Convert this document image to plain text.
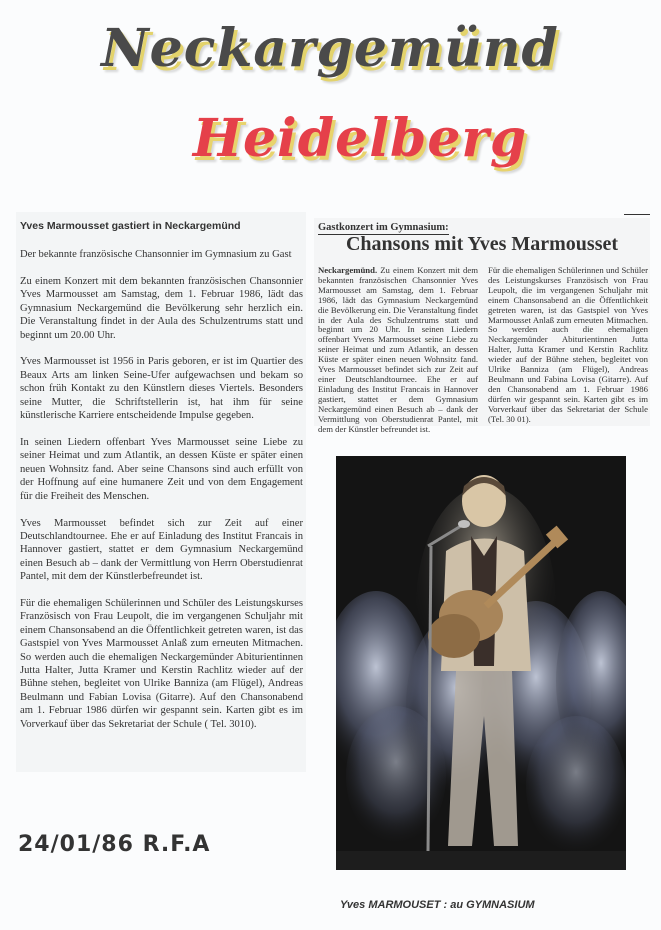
Neckargemünd
Heidelberg
Yves Marmousset gastiert in Neckargemünd

Der bekannte französische Chansonnier im Gymnasium zu Gast

Zu einem Konzert mit dem bekannten französischen Chansonnier Yves Marmousset am Samstag, dem 1. Februar 1986, lädt das Gymnasium Neckargemünd die Bevölkerung sehr herzlich ein. Die Veranstaltung findet in der Aula des Schulzentrums statt und beginnt um 20.00 Uhr.

Yves Marmousset ist 1956 in Paris geboren, er ist im Quartier des Beaux Arts am linken Seine-Ufer aufgewachsen und bekam so schon früh Kontakt zu den Künstlern dieses Viertels. Besonders seine Mutter, die Schriftstellerin ist, hat ihm für seine künstlerische Karriere entscheidende Impulse gegeben.

In seinen Liedern offenbart Yves Marmousset seine Liebe zu seiner Heimat und zum Atlantik, an dessen Küste er später einen neuen Wohnsitz fand. Aber seine Chansons sind auch erfüllt von der Hoffnung auf eine humanere Zeit und von dem Engagement für die Freiheit des Menschen.

Yves Marmousset befindet sich zur Zeit auf einer Deutschlandtournee. Ehe er auf Einladung des Institut Francais in Hannover gastiert, stattet er dem Gymnasium Neckargemünd einen Besuch ab – dank der Vermittlung von Herrn Oberstudienrat Pantel, mit dem der Künstlerbefreundet ist.

Für die ehemaligen Schülerinnen und Schüler des Leistungskurses Französisch von Frau Leupolt, die im vergangenen Schuljahr mit einem Chansonsabend an die Öffentlichkeit getreten waren, ist das Gastspiel von Yves Marmousset Anlaß zum erneuten Mitmachen. So werden auch die ehemaligen Neckargemünder Abiturientinnen Jutta Halter, Jutta Kramer und Kerstin Rachlitz wieder auf der Bühne stehen, begleitet von Ulrike Banniza (am Flügel), Andreas Beulmann und Fabian Lovisa (Gitarre). Auf den Chansonabend am 1. Februar 1986 dürfen wir gespannt sein. Karten gibt es im Vorverkauf über das Sekretariat der Schule ( Tel. 3010).

Gastkonzert im Gymnasium:
Chansons mit Yves Marmousset
Neckargemünd. Zu einem Konzert mit dem bekannten französischen Chansonnier Yves Marmousset am Samstag, dem 1. Februar 1986, lädt das Gymnasium Neckargemünd die Bevölkerung ein. Die Veranstaltung findet in der Aula des Schulzentrums statt und beginnt um 20 Uhr. In seinen Liedern offenbart Yvens Marmousset seine Liebe zu seiner Heimat und zum Atlantik, an dessen Küste er später einen neuen Wohnsitz fand. Yves Marmousset befindet sich zur Zeit auf einer Deutschlandtournee. Ehe er auf Einladung des Institut Francais in Hannover gastiert, stattet er dem Gymnasium Neckargemünd einen Besuch ab – dank der Vermittlung von Oberstudienrat Pantel, mit dem der Künstler befreundet ist.
Für die ehemaligen Schülerinnen und Schüler des Leistungskurses Französisch von Frau Leupolt, die im vergangenen Schuljahr mit einem Chansonsabend an die Öffentlichkeit getreten waren, ist das Gastspiel von Yves Marmousset Anlaß zum erneuten Mitmachen. So werden auch die ehemaligen Neckargemünder Abiturientinnen Jutta Halter, Jutta Kramer und Kerstin Rachlitz wieder auf der Bühne stehen, begleitet von Ulrike Banniza (am Flügel), Andreas Beulmann und Fabina Lovisa (Gitarre). Auf den Chansonabend am 1. Februar 1986 dürfen wir gespannt sein. Karten gibt es im Vorverkauf über das Sekretariat der Schule (Tel. 30 01).
24/01/86 R.F.A
Yves MARMOUSET : au GYMNASIUM
